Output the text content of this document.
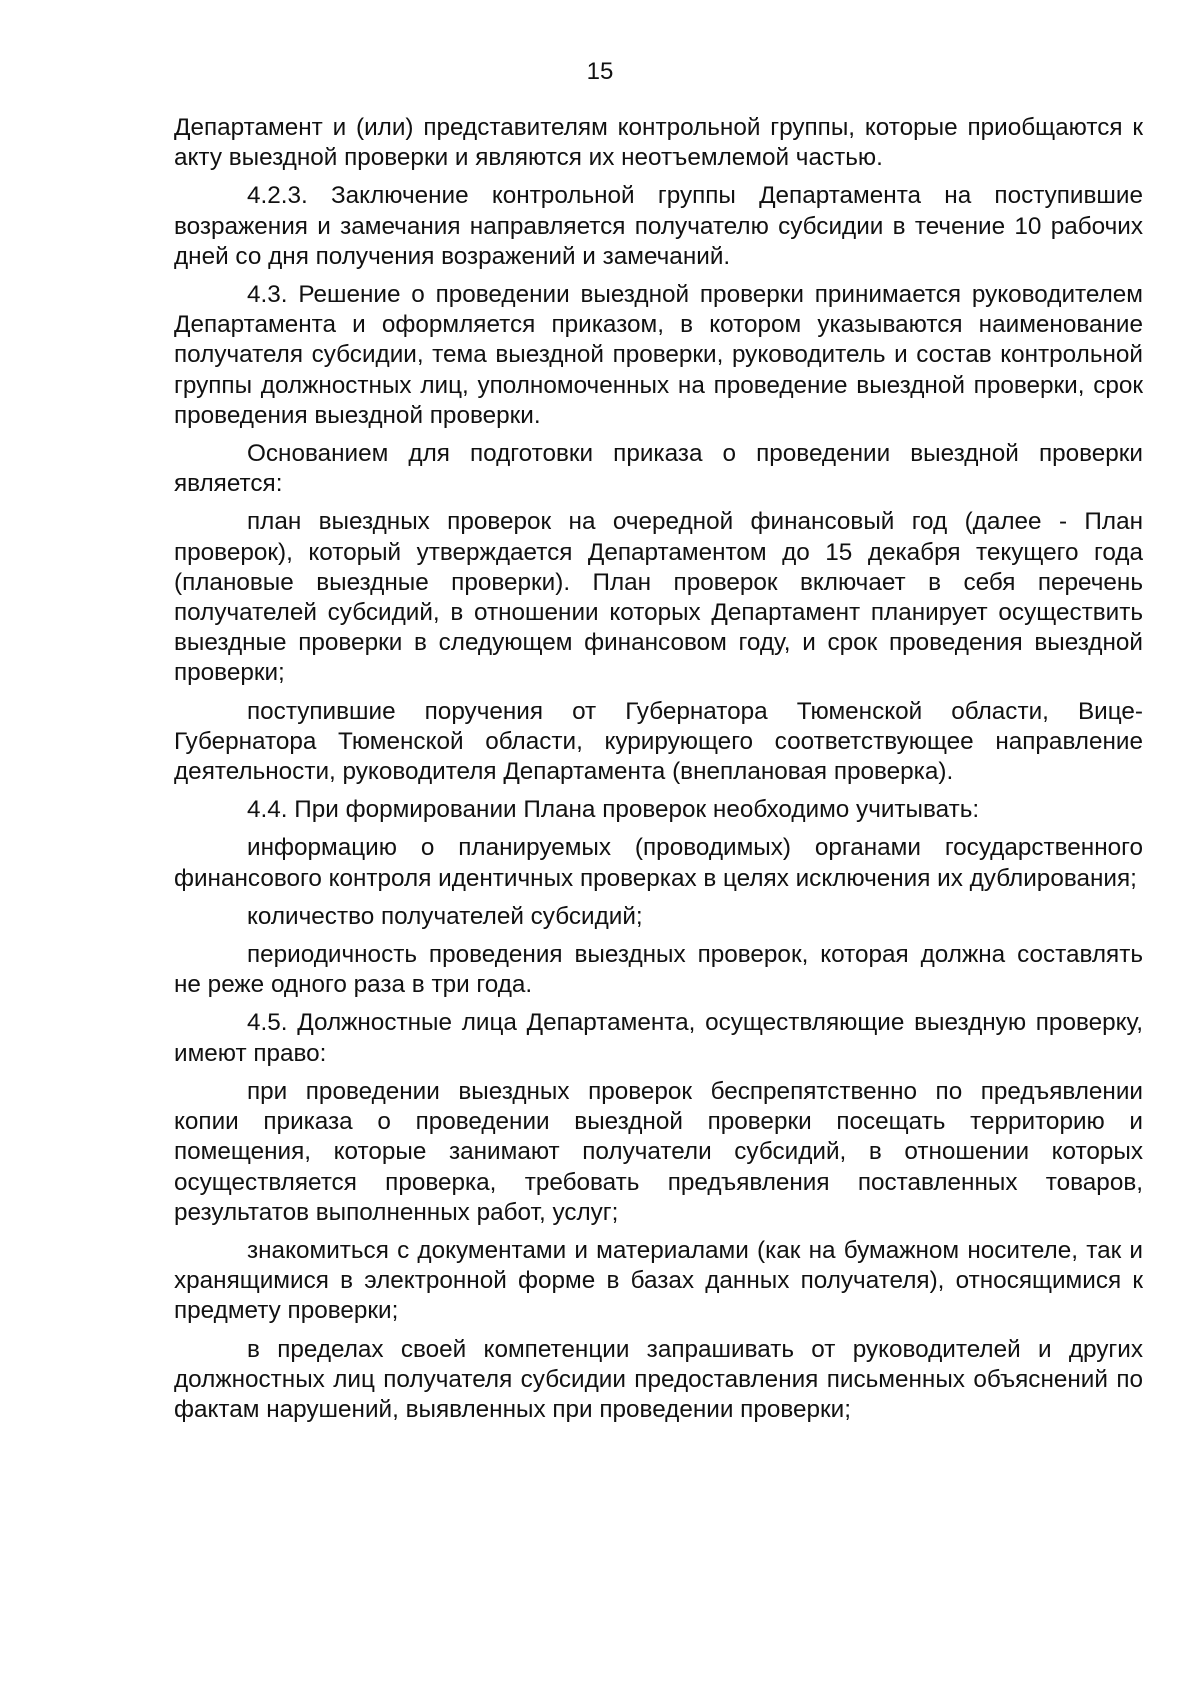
15

Департамент и (или) представителям контрольной группы, которые приобщаются к акту выездной проверки и являются их неотъемлемой частью.

4.2.3. Заключение контрольной группы Департамента на поступившие возражения и замечания направляется получателю субсидии в течение 10 рабочих дней со дня получения возражений и замечаний.

4.3. Решение о проведении выездной проверки принимается руководителем Департамента и оформляется приказом, в котором указываются наименование получателя субсидии, тема выездной проверки, руководитель и состав контрольной группы должностных лиц, уполномоченных на проведение выездной проверки, срок проведения выездной проверки.

Основанием для подготовки приказа о проведении выездной проверки является:

план выездных проверок на очередной финансовый год (далее - План проверок), который утверждается Департаментом до 15 декабря текущего года (плановые выездные проверки). План проверок включает в себя перечень получателей субсидий, в отношении которых Департамент планирует осуществить выездные проверки в следующем финансовом году, и срок проведения выездной проверки;

поступившие поручения от Губернатора Тюменской области, Вице-Губернатора Тюменской области, курирующего соответствующее направление деятельности, руководителя Департамента (внеплановая проверка).

4.4. При формировании Плана проверок необходимо учитывать:

информацию о планируемых (проводимых) органами государственного финансового контроля идентичных проверках в целях исключения их дублирования;

количество получателей субсидий;

периодичность проведения выездных проверок, которая должна составлять не реже одного раза в три года.

4.5. Должностные лица Департамента, осуществляющие выездную проверку, имеют право:

при проведении выездных проверок беспрепятственно по предъявлении копии приказа о проведении выездной проверки посещать территорию и помещения, которые занимают получатели субсидий, в отношении которых осуществляется проверка, требовать предъявления поставленных товаров, результатов выполненных работ, услуг;

знакомиться с документами и материалами (как на бумажном носителе, так и хранящимися в электронной форме в базах данных получателя), относящимися к предмету проверки;

в пределах своей компетенции запрашивать от руководителей и других должностных лиц получателя субсидии предоставления письменных объяснений по фактам нарушений, выявленных при проведении проверки;
